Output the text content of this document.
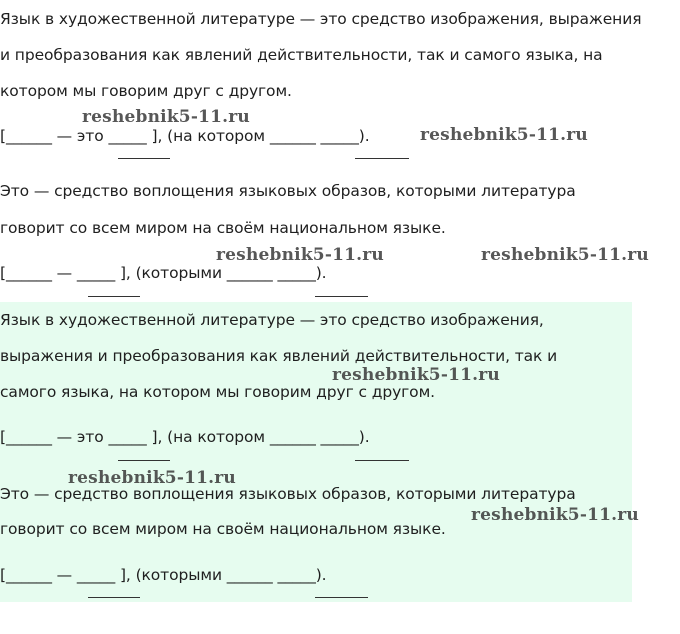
Язык в художественной литературе — это средство изображения, выражения
и преобразования как явлений действительности, так и самого языка, на
котором мы говорим друг с другом.
[______ — это _____ ], (на котором ______ _____).
Это — средство воплощения языковых образов, которыми литература
говорит со всем миром на своём национальном языке.
[______ — _____ ], (которыми ______ _____).
Язык в художественной литературе — это средство изображения,
выражения и преобразования как явлений действительности, так и
самого языка, на котором мы говорим друг с другом.
[______ — это _____ ], (на котором ______ _____).
Это — средство воплощения языковых образов, которыми литература
говорит со всем миром на своём национальном языке.
[______ — _____ ], (которыми ______ _____).
reshebnik5-11.ru
reshebnik5-11.ru
reshebnik5-11.ru	reshebnik5-11.ru
reshebnik5-11.ru
reshebnik5-11.ru
reshebnik5-11.ru
